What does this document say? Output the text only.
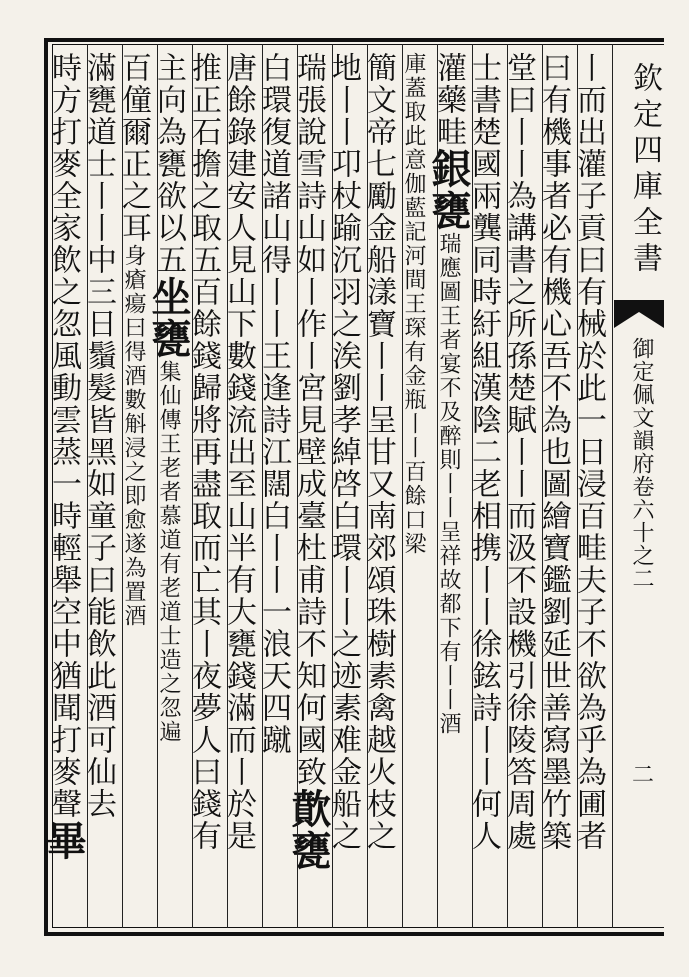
丨而出灌子貢曰有械於此一日浸百畦夫子不欲為乎為圃者
曰有機事者必有機心吾不為也圖繪寶鑑劉延世善寫墨竹築
堂曰丨丨為講書之所孫楚賦丨丨而汲不設機引徐陵答周處
士書楚國兩龔同時紆組漢陰二老相携丨丨徐鉉詩丨丨何人
灌藥畦銀甕瑞應圖王者宴不及醉則丨丨呈祥故都下有丨丨酒
庫蓋取此意伽藍記河間王琛有金瓶丨丨百餘口梁
簡文帝七勵金船漾寶丨丨呈甘又南郊頌珠樹素禽越火枝之
地丨丨卭杖踰沉羽之涘劉孝綽啓白環丨丨之迹素难金船之
瑞張說雪詩山如丨作丨宮見壁成臺杜甫詩不知何國致歕甕
白環復道諸山得丨丨王逢詩江闊白丨丨一浪天四蹴
唐餘錄建安人見山下數錢流出至山半有大甕錢滿而丨於是
推正石擔之取五百餘錢歸將再盡取而亡其丨夜夢人曰錢有
主向為甕欲以五坐甕集仙傳王老者慕道有老道士造之忽遍
百僮爾正之耳身瘡瘍曰得酒數斛浸之即愈遂為置酒
滿甕道士丨丨中三日鬚髮皆黑如童子曰能飲此酒可仙去
時方打麥全家飲之忽風動雲蒸一時輕舉空中猶聞打麥聲畢
欽定四庫全書
御定佩文韻府卷六十之二
二
